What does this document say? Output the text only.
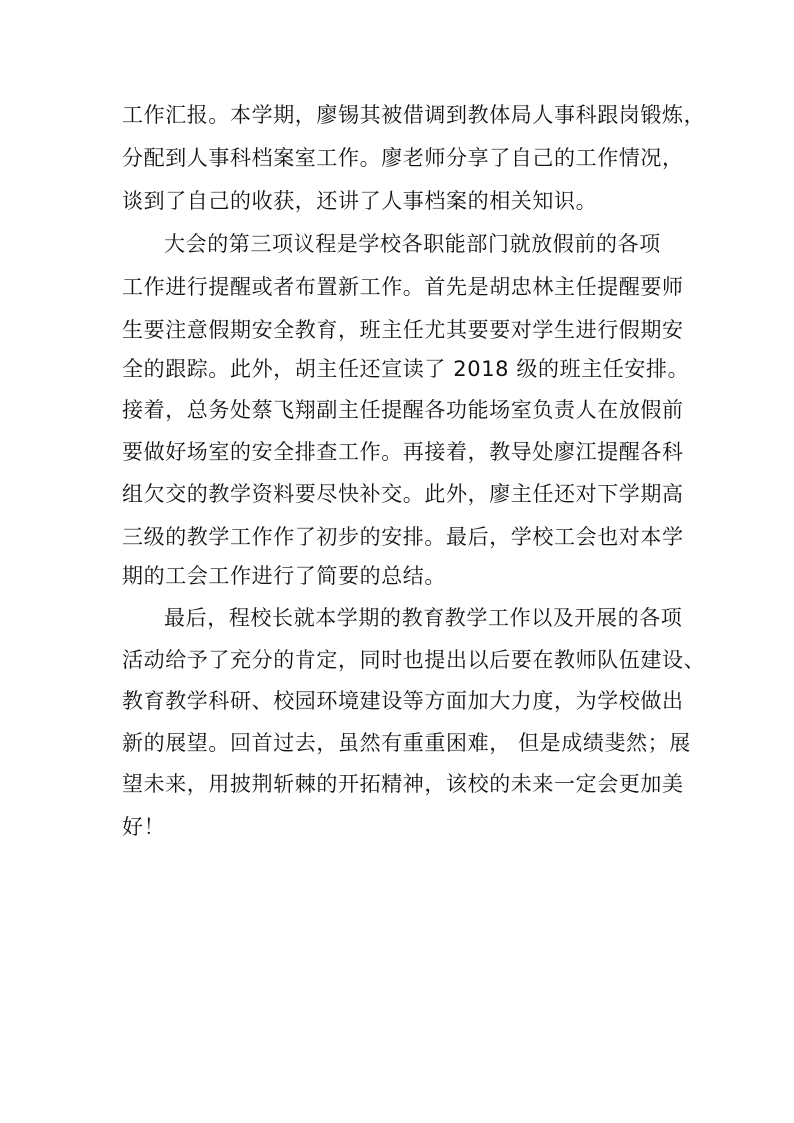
工作汇报。本学期，廖锡其被借调到教体局人事科跟岗锻炼，
分配到人事科档案室工作。廖老师分享了自己的工作情况，
谈到了自己的收获，还讲了人事档案的相关知识。
大会的第三项议程是学校各职能部门就放假前的各项
工作进行提醒或者布置新工作。首先是胡忠林主任提醒要师
生要注意假期安全教育，班主任尤其要要对学生进行假期安
全的跟踪。此外，胡主任还宣读了 2018 级的班主任安排。
接着，总务处蔡飞翔副主任提醒各功能场室负责人在放假前
要做好场室的安全排查工作。再接着，教导处廖江提醒各科
组欠交的教学资料要尽快补交。此外，廖主任还对下学期高
三级的教学工作作了初步的安排。最后，学校工会也对本学
期的工会工作进行了简要的总结。
最后，程校长就本学期的教育教学工作以及开展的各项
活动给予了充分的肯定，同时也提出以后要在教师队伍建设、
教育教学科研、校园环境建设等方面加大力度，为学校做出
新的展望。回首过去，虽然有重重困难， 但是成绩斐然；展
望未来，用披荆斩棘的开拓精神，该校的未来一定会更加美
好！
